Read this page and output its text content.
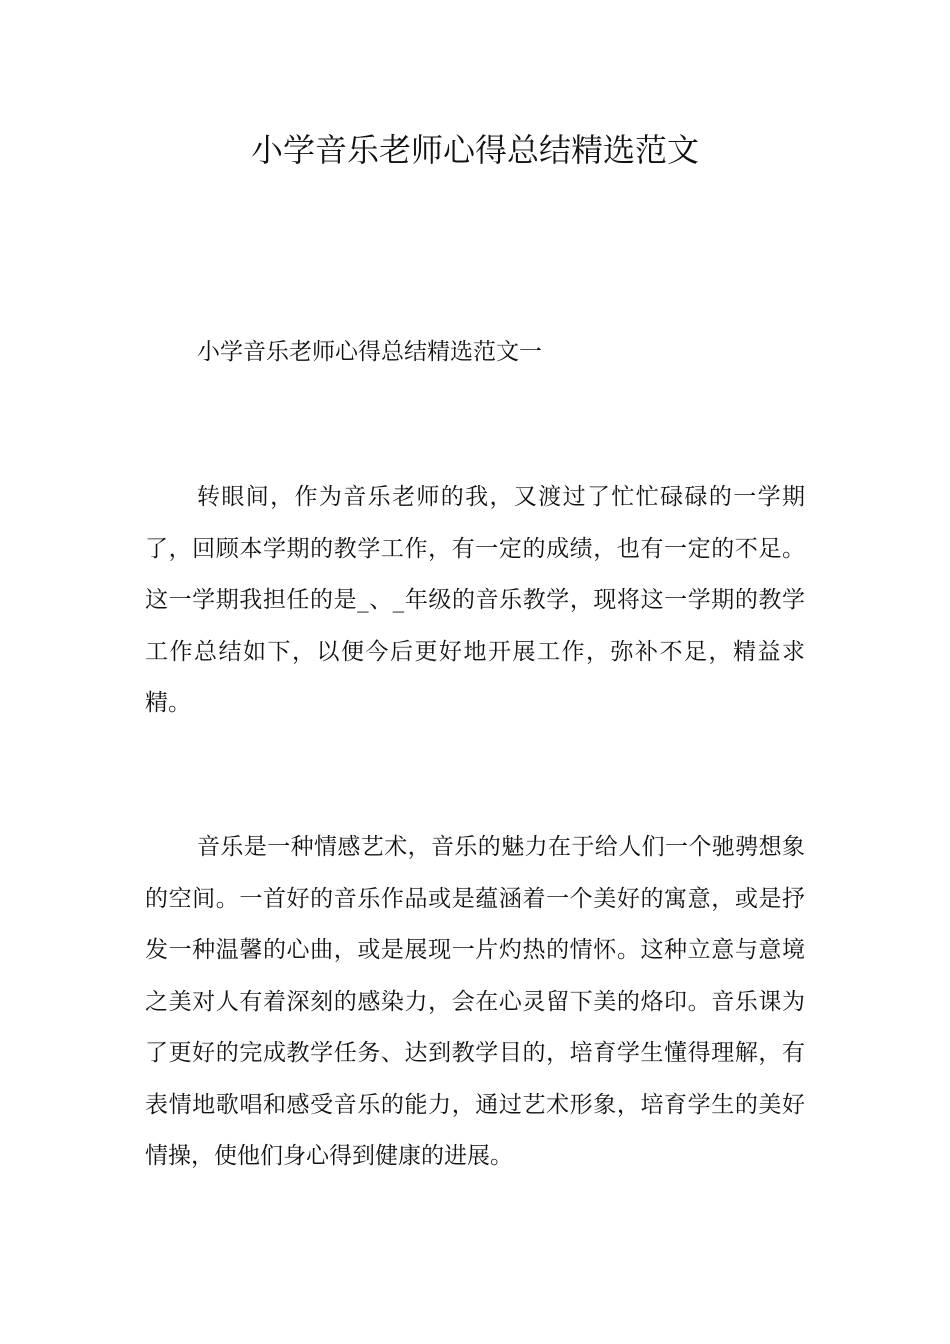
小学音乐老师心得总结精选范文

小学音乐老师心得总结精选范文一

转眼间，作为音乐老师的我，又渡过了忙忙碌碌的一学期了，回顾本学期的教学工作，有一定的成绩，也有一定的不足。这一学期我担任的是_、_年级的音乐教学，现将这一学期的教学工作总结如下，以便今后更好地开展工作，弥补不足，精益求精。

音乐是一种情感艺术，音乐的魅力在于给人们一个驰骋想象的空间。一首好的音乐作品或是蕴涵着一个美好的寓意，或是抒发一种温馨的心曲，或是展现一片灼热的情怀。这种立意与意境之美对人有着深刻的感染力，会在心灵留下美的烙印。音乐课为了更好的完成教学任务、达到教学目的，培育学生懂得理解，有表情地歌唱和感受音乐的能力，通过艺术形象，培育学生的美好情操，使他们身心得到健康的进展。
